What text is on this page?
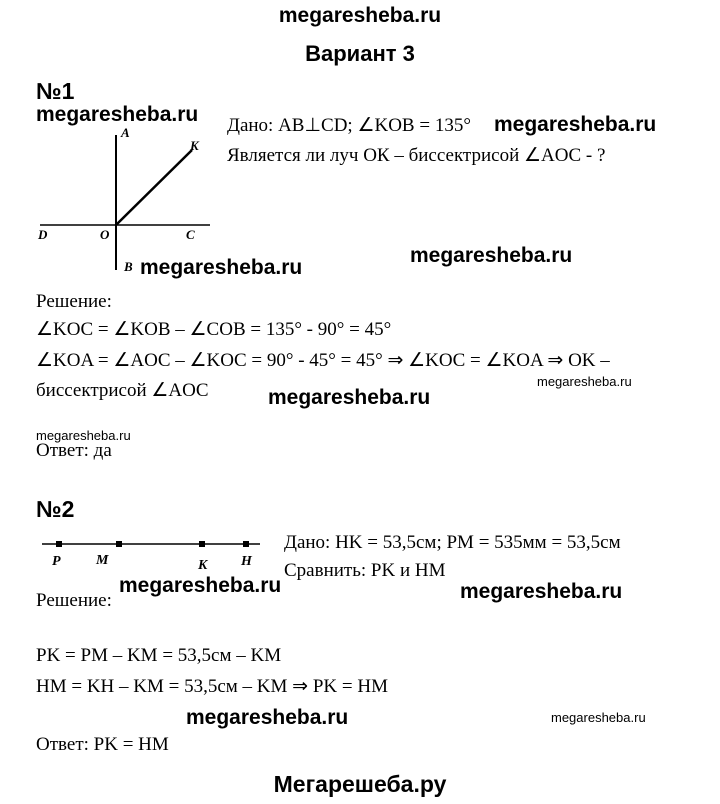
megaresheba.ru
Вариант 3
№1
megaresheba.ru
A
K
D	O	C
B
Дано: AB⊥CD; ∠KOB = 135° megaresheba.ru
Является ли луч ОК – биссектрисой ∠AOC - ?
megaresheba.ru
megaresheba.ru
Решение:
∠KOC = ∠KOB – ∠COB = 135° - 90° = 45°
∠KOA = ∠AOC – ∠KOC = 90° - 45° = 45° ⇒ ∠KOC = ∠KOA ⇒ OK –
megaresheba.ru
биссектрисой ∠AOC	megaresheba.ru
megaresheba.ru
Ответ: да
№2
P	M	K H
Дано: HK = 53,5см; PM = 535мм = 53,5см
Сравнить: PK и HM
megaresheba.ru	megaresheba.ru
Решение:
PK = PM – KM = 53,5см – KM
HM = KH – KM = 53,5см – KM ⇒ PK = HM
megaresheba.ru	megaresheba.ru
Ответ: PK = HM
Мегарешеба.ру
